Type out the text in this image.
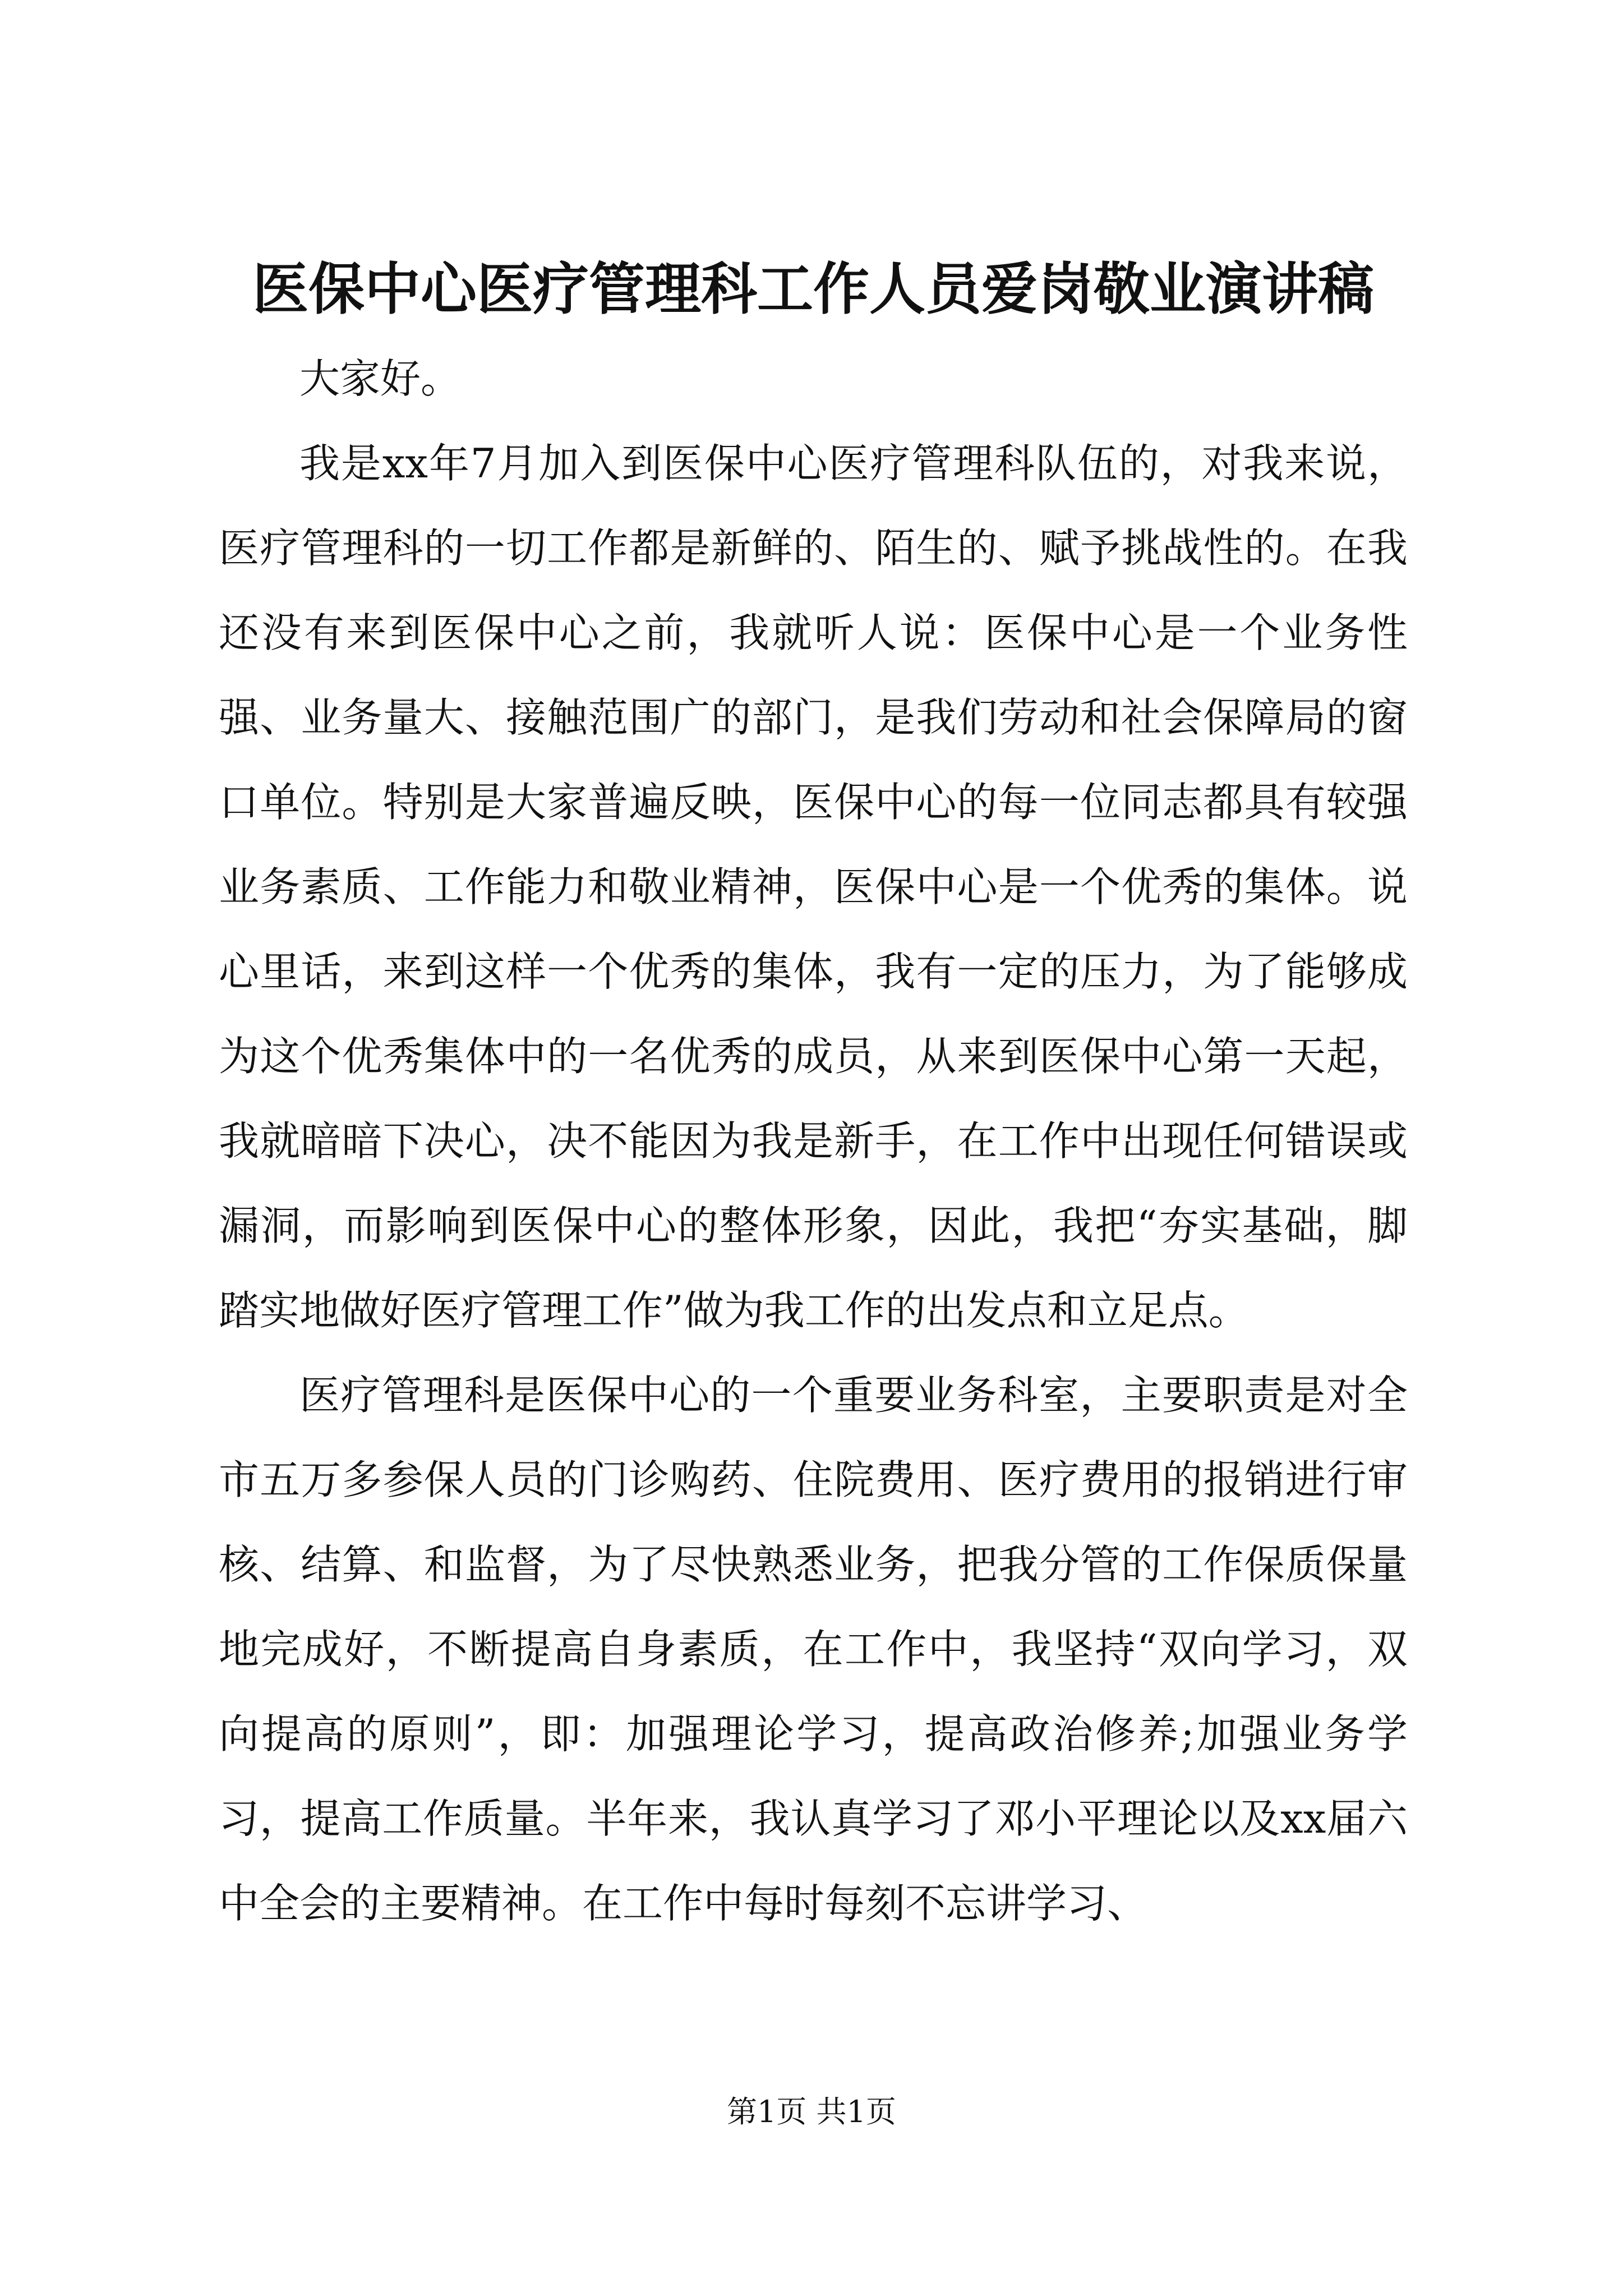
医保中心医疗管理科工作人员爱岗敬业演讲稿

大家好。

我是xx年7月加入到医保中心医疗管理科队伍的，对我来说，医疗管理科的一切工作都是新鲜的、陌生的、赋予挑战性的。在我还没有来到医保中心之前，我就听人说：医保中心是一个业务性强、业务量大、接触范围广的部门，是我们劳动和社会保障局的窗口单位。特别是大家普遍反映，医保中心的每一位同志都具有较强业务素质、工作能力和敬业精神，医保中心是一个优秀的集体。说心里话，来到这样一个优秀的集体，我有一定的压力，为了能够成为这个优秀集体中的一名优秀的成员，从来到医保中心第一天起，我就暗暗下决心，决不能因为我是新手，在工作中出现任何错误或漏洞，而影响到医保中心的整体形象，因此，我把“夯实基础，脚踏实地做好医疗管理工作”做为我工作的出发点和立足点。

医疗管理科是医保中心的一个重要业务科室，主要职责是对全市五万多参保人员的门诊购药、住院费用、医疗费用的报销进行审核、结算、和监督，为了尽快熟悉业务，把我分管的工作保质保量地完成好，不断提高自身素质，在工作中，我坚持“双向学习，双向提高的原则”，即：加强理论学习，提高政治修养;加强业务学习，提高工作质量。半年来，我认真学习了邓小平理论以及xx届六中全会的主要精神。在工作中每时每刻不忘讲学习、

第1页 共1页
